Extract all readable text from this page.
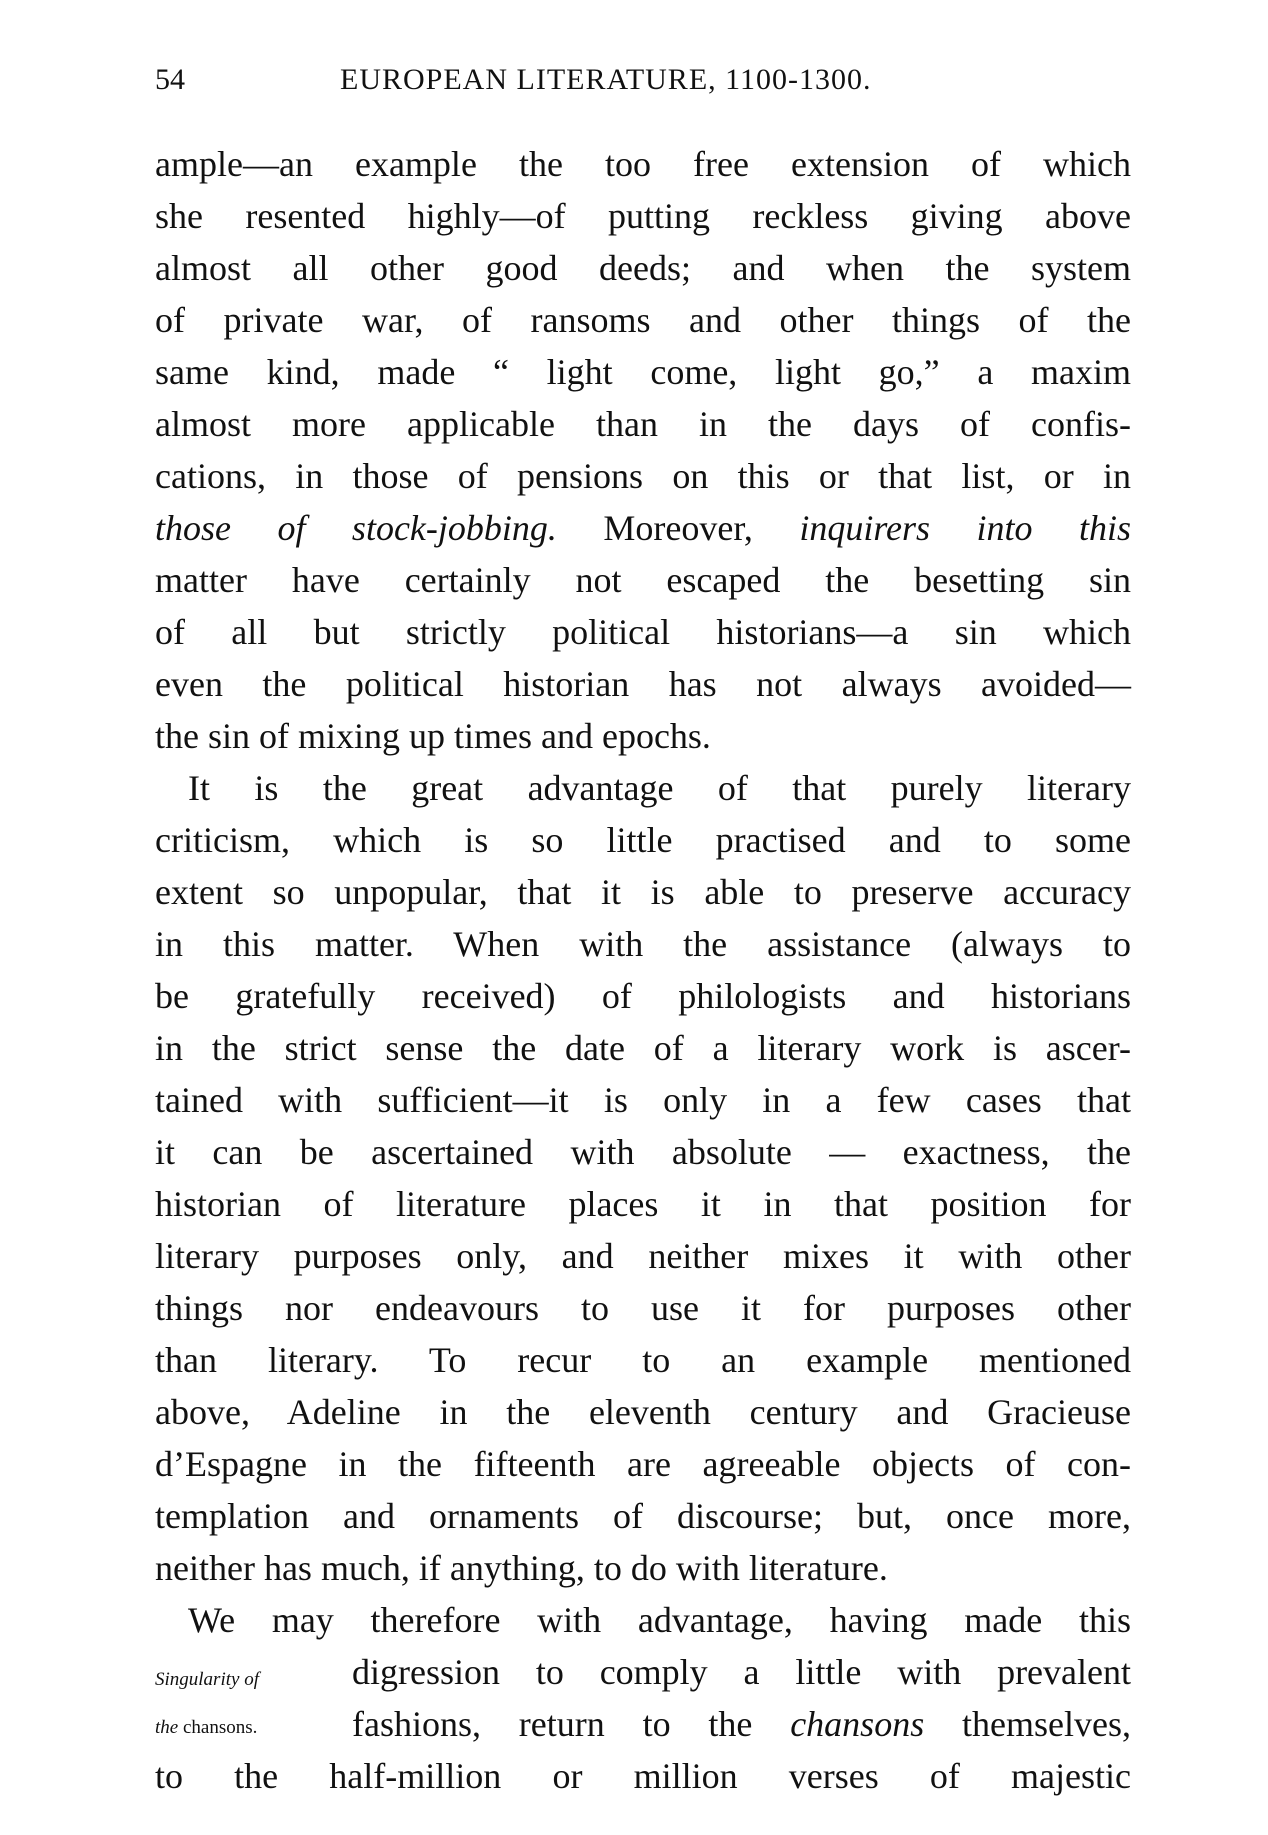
54	EUROPEAN LITERATURE, 1100-1300.
ample—an example the too free extension of which
she resented highly—of putting reckless giving above
almost all other good deeds; and when the system
of private war, of ransoms and other things of the
same kind, made “ light come, light go,” a maxim
almost more applicable than in the days of confis-
cations, in those of pensions on this or that list, or in
those of stock-jobbing. Moreover, inquirers into this
matter have certainly not escaped the besetting sin
of all but strictly political historians—a sin which
even the political historian has not always avoided—
the sin of mixing up times and epochs.
It is the great advantage of that purely literary
criticism, which is so little practised and to some
extent so unpopular, that it is able to preserve accuracy
in this matter. When with the assistance (always to
be gratefully received) of philologists and historians
in the strict sense the date of a literary work is ascer-
tained with sufficient—it is only in a few cases that
it can be ascertained with absolute — exactness, the
historian of literature places it in that position for
literary purposes only, and neither mixes it with other
things nor endeavours to use it for purposes other
than literary. To recur to an example mentioned
above, Adeline in the eleventh century and Gracieuse
d’Espagne in the fifteenth are agreeable objects of con-
templation and ornaments of discourse; but, once more,
neither has much, if anything, to do with literature.
We may therefore with advantage, having made this
digression to comply a little with prevalent
fashions, return to the chansons themselves,
to the half-million or million verses of majestic
Singularity of
the chansons.
